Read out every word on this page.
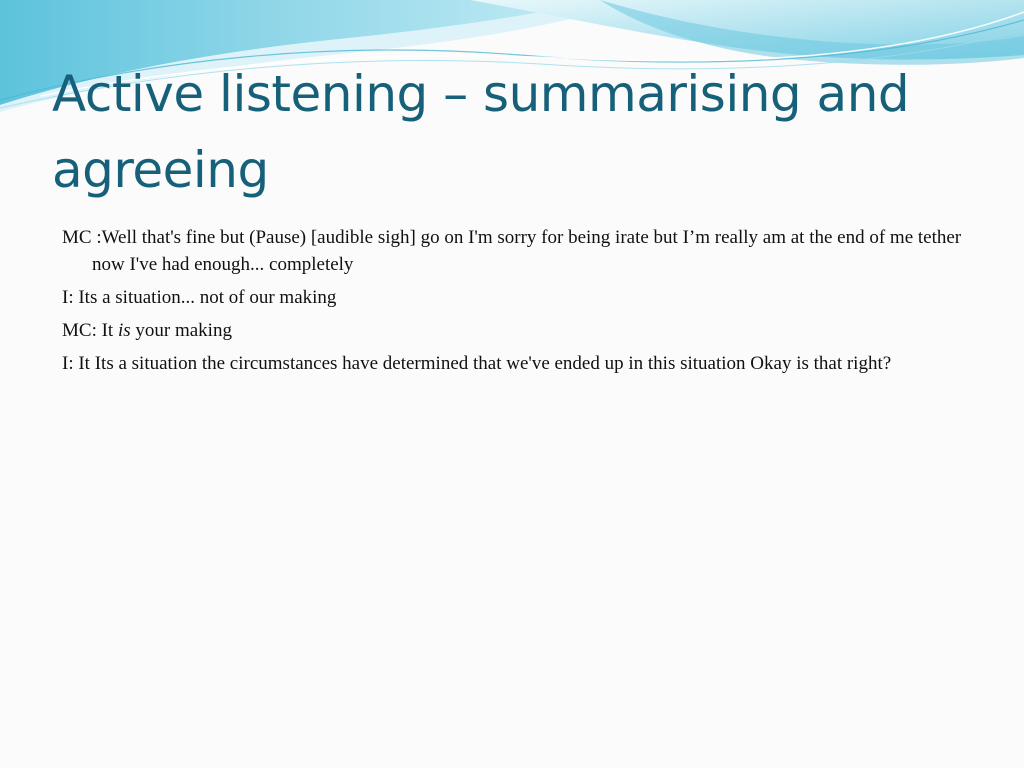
Active listening – summarising and agreeing

MC :Well that's fine but (Pause) [audible sigh] go on I'm sorry for being irate but I’m really am at the end of me tether now I've had enough... completely

I: Its a situation... not of our making

MC: It is your making

I: It Its a situation the circumstances have determined that we've ended up in this situation Okay is that right?
